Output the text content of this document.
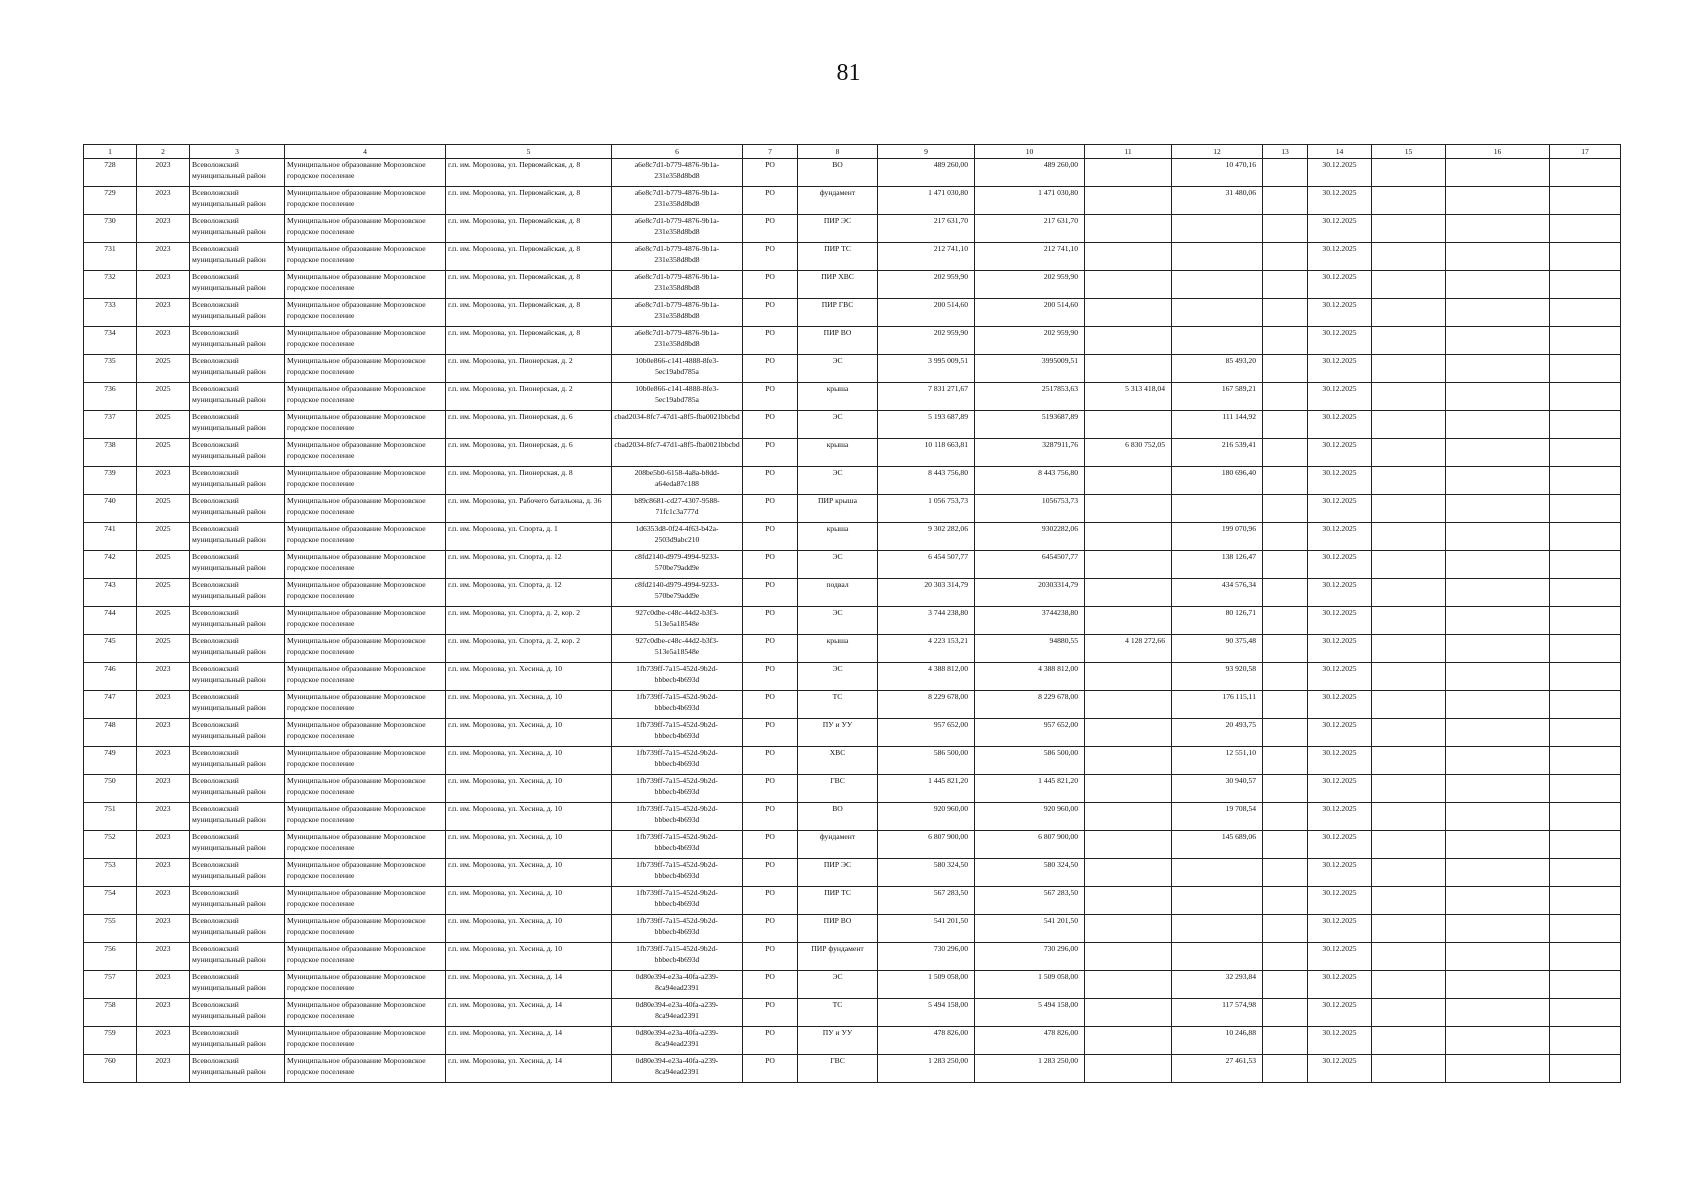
81
1	2	3	4	5	6	7	8	9	10	11	12	13	14	15	16	17
728	2023	Всеволожский муниципальный район	Муниципальное образование Морозовское городское поселение	г.п. им. Морозова, ул. Первомайская, д. 8	a6e8c7d1-b779-4876-9b1a-231e358d8bd8	РО	ВО	489 260,00	489 260,00		10 470,16		30.12.2025			
729	2023	Всеволожский муниципальный район	Муниципальное образование Морозовское городское поселение	г.п. им. Морозова, ул. Первомайская, д. 8	a6e8c7d1-b779-4876-9b1a-231e358d8bd8	РО	фундамент	1 471 030,80	1 471 030,80		31 480,06		30.12.2025			
730	2023	Всеволожский муниципальный район	Муниципальное образование Морозовское городское поселение	г.п. им. Морозова, ул. Первомайская, д. 8	a6e8c7d1-b779-4876-9b1a-231e358d8bd8	РО	ПИР ЭС	217 631,70	217 631,70				30.12.2025			
731	2023	Всеволожский муниципальный район	Муниципальное образование Морозовское городское поселение	г.п. им. Морозова, ул. Первомайская, д. 8	a6e8c7d1-b779-4876-9b1a-231e358d8bd8	РО	ПИР ТС	212 741,10	212 741,10				30.12.2025			
732	2023	Всеволожский муниципальный район	Муниципальное образование Морозовское городское поселение	г.п. им. Морозова, ул. Первомайская, д. 8	a6e8c7d1-b779-4876-9b1a-231e358d8bd8	РО	ПИР ХВС	202 959,90	202 959,90				30.12.2025			
733	2023	Всеволожский муниципальный район	Муниципальное образование Морозовское городское поселение	г.п. им. Морозова, ул. Первомайская, д. 8	a6e8c7d1-b779-4876-9b1a-231e358d8bd8	РО	ПИР ГВС	200 514,60	200 514,60				30.12.2025			
734	2023	Всеволожский муниципальный район	Муниципальное образование Морозовское городское поселение	г.п. им. Морозова, ул. Первомайская, д. 8	a6e8c7d1-b779-4876-9b1a-231e358d8bd8	РО	ПИР ВО	202 959,90	202 959,90				30.12.2025			
735	2025	Всеволожский муниципальный район	Муниципальное образование Морозовское городское поселение	г.п. им. Морозова, ул. Пионерская, д. 2	10b0e866-c141-4888-8fe3-5ec19abd785a	РО	ЭС	3 995 009,51	3995009,51		85 493,20		30.12.2025			
736	2025	Всеволожский муниципальный район	Муниципальное образование Морозовское городское поселение	г.п. им. Морозова, ул. Пионерская, д. 2	10b0e866-c141-4888-8fe3-5ec19abd785a	РО	крыша	7 831 271,67	2517853,63	5 313 418,04	167 589,21		30.12.2025			
737	2025	Всеволожский муниципальный район	Муниципальное образование Морозовское городское поселение	г.п. им. Морозова, ул. Пионерская, д. 6	cbad2034-8fc7-47d1-a8f5-fba0021bbcbd	РО	ЭС	5 193 687,89	5193687,89		111 144,92		30.12.2025			
738	2025	Всеволожский муниципальный район	Муниципальное образование Морозовское городское поселение	г.п. им. Морозова, ул. Пионерская, д. 6	cbad2034-8fc7-47d1-a8f5-fba0021bbcbd	РО	крыша	10 118 663,81	3287911,76	6 830 752,05	216 539,41		30.12.2025			
739	2023	Всеволожский муниципальный район	Муниципальное образование Морозовское городское поселение	г.п. им. Морозова, ул. Пионерская, д. 8	208be5b0-6158-4a8a-b8dd-a64eda87c188	РО	ЭС	8 443 756,80	8 443 756,80		180 696,40		30.12.2025			
740	2025	Всеволожский муниципальный район	Муниципальное образование Морозовское городское поселение	г.п. им. Морозова, ул. Рабочего батальона, д. 36	b89c8681-cd27-4307-9588-71fc1c3a777d	РО	ПИР крыша	1 056 753,73	1056753,73				30.12.2025			
741	2025	Всеволожский муниципальный район	Муниципальное образование Морозовское городское поселение	г.п. им. Морозова, ул. Спорта, д. 1	1d6353d8-0f24-4f63-b42a-2503d9abc210	РО	крыша	9 302 282,06	9302282,06		199 070,96		30.12.2025			
742	2025	Всеволожский муниципальный район	Муниципальное образование Морозовское городское поселение	г.п. им. Морозова, ул. Спорта, д. 12	c8fd2140-d979-4994-9233-570be79add9e	РО	ЭС	6 454 507,77	6454507,77		138 126,47		30.12.2025			
743	2025	Всеволожский муниципальный район	Муниципальное образование Морозовское городское поселение	г.п. им. Морозова, ул. Спорта, д. 12	c8fd2140-d979-4994-9233-570be79add9e	РО	подвал	20 303 314,79	20303314,79		434 576,34		30.12.2025			
744	2025	Всеволожский муниципальный район	Муниципальное образование Морозовское городское поселение	г.п. им. Морозова, ул. Спорта, д. 2, кор. 2	927c0dbe-c48c-44d2-b3f3-513e5a18548e	РО	ЭС	3 744 238,80	3744238,80		80 126,71		30.12.2025			
745	2025	Всеволожский муниципальный район	Муниципальное образование Морозовское городское поселение	г.п. им. Морозова, ул. Спорта, д. 2, кор. 2	927c0dbe-c48c-44d2-b3f3-513e5a18548e	РО	крыша	4 223 153,21	94880,55	4 128 272,66	90 375,48		30.12.2025			
746	2023	Всеволожский муниципальный район	Муниципальное образование Морозовское городское поселение	г.п. им. Морозова, ул. Хесина, д. 10	1fb739ff-7a15-452d-9b2d-bbbecb4b693d	РО	ЭС	4 388 812,00	4 388 812,00		93 920,58		30.12.2025			
747	2023	Всеволожский муниципальный район	Муниципальное образование Морозовское городское поселение	г.п. им. Морозова, ул. Хесина, д. 10	1fb739ff-7a15-452d-9b2d-bbbecb4b693d	РО	ТС	8 229 678,00	8 229 678,00		176 115,11		30.12.2025			
748	2023	Всеволожский муниципальный район	Муниципальное образование Морозовское городское поселение	г.п. им. Морозова, ул. Хесина, д. 10	1fb739ff-7a15-452d-9b2d-bbbecb4b693d	РО	ПУ и УУ	957 652,00	957 652,00		20 493,75		30.12.2025			
749	2023	Всеволожский муниципальный район	Муниципальное образование Морозовское городское поселение	г.п. им. Морозова, ул. Хесина, д. 10	1fb739ff-7a15-452d-9b2d-bbbecb4b693d	РО	ХВС	586 500,00	586 500,00		12 551,10		30.12.2025			
750	2023	Всеволожский муниципальный район	Муниципальное образование Морозовское городское поселение	г.п. им. Морозова, ул. Хесина, д. 10	1fb739ff-7a15-452d-9b2d-bbbecb4b693d	РО	ГВС	1 445 821,20	1 445 821,20		30 940,57		30.12.2025			
751	2023	Всеволожский муниципальный район	Муниципальное образование Морозовское городское поселение	г.п. им. Морозова, ул. Хесина, д. 10	1fb739ff-7a15-452d-9b2d-bbbecb4b693d	РО	ВО	920 960,00	920 960,00		19 708,54		30.12.2025			
752	2023	Всеволожский муниципальный район	Муниципальное образование Морозовское городское поселение	г.п. им. Морозова, ул. Хесина, д. 10	1fb739ff-7a15-452d-9b2d-bbbecb4b693d	РО	фундамент	6 807 900,00	6 807 900,00		145 689,06		30.12.2025			
753	2023	Всеволожский муниципальный район	Муниципальное образование Морозовское городское поселение	г.п. им. Морозова, ул. Хесина, д. 10	1fb739ff-7a15-452d-9b2d-bbbecb4b693d	РО	ПИР ЭС	580 324,50	580 324,50				30.12.2025			
754	2023	Всеволожский муниципальный район	Муниципальное образование Морозовское городское поселение	г.п. им. Морозова, ул. Хесина, д. 10	1fb739ff-7a15-452d-9b2d-bbbecb4b693d	РО	ПИР ТС	567 283,50	567 283,50				30.12.2025			
755	2023	Всеволожский муниципальный район	Муниципальное образование Морозовское городское поселение	г.п. им. Морозова, ул. Хесина, д. 10	1fb739ff-7a15-452d-9b2d-bbbecb4b693d	РО	ПИР ВО	541 201,50	541 201,50				30.12.2025			
756	2023	Всеволожский муниципальный район	Муниципальное образование Морозовское городское поселение	г.п. им. Морозова, ул. Хесина, д. 10	1fb739ff-7a15-452d-9b2d-bbbecb4b693d	РО	ПИР фундамент	730 296,00	730 296,00				30.12.2025			
757	2023	Всеволожский муниципальный район	Муниципальное образование Морозовское городское поселение	г.п. им. Морозова, ул. Хесина, д. 14	0d80e394-e23a-40fa-a239-8ca94ead2391	РО	ЭС	1 509 058,00	1 509 058,00		32 293,84		30.12.2025			
758	2023	Всеволожский муниципальный район	Муниципальное образование Морозовское городское поселение	г.п. им. Морозова, ул. Хесина, д. 14	0d80e394-e23a-40fa-a239-8ca94ead2391	РО	ТС	5 494 158,00	5 494 158,00		117 574,98		30.12.2025			
759	2023	Всеволожский муниципальный район	Муниципальное образование Морозовское городское поселение	г.п. им. Морозова, ул. Хесина, д. 14	0d80e394-e23a-40fa-a239-8ca94ead2391	РО	ПУ и УУ	478 826,00	478 826,00		10 246,88		30.12.2025			
760	2023	Всеволожский муниципальный район	Муниципальное образование Морозовское городское поселение	г.п. им. Морозова, ул. Хесина, д. 14	0d80e394-e23a-40fa-a239-8ca94ead2391	РО	ГВС	1 283 250,00	1 283 250,00		27 461,53		30.12.2025			
